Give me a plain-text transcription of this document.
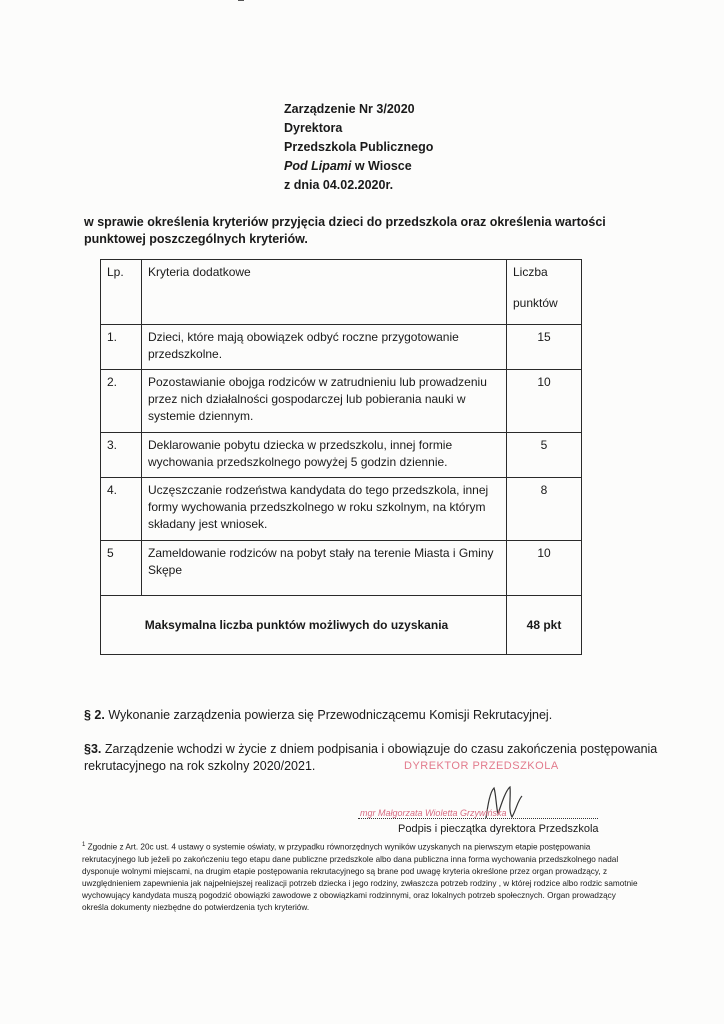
Zarządzenie Nr 3/2020
Dyrektora
Przedszkola Publicznego
Pod Lipami w Wiosce
z dnia 04.02.2020r.
w sprawie określenia kryteriów przyjęcia dzieci do przedszkola oraz określenia wartości punktowej poszczególnych kryteriów.
Lp.	Kryteria dodatkowe	Liczba
punktów

1.	Dzieci, które mają obowiązek odbyć roczne przygotowanie przedszkolne.	15
2.	Pozostawianie obojga rodziców w zatrudnieniu lub prowadzeniu przez nich działalności gospodarczej lub pobierania nauki w systemie dziennym.	10
3.	Deklarowanie pobytu dziecka w przedszkolu, innej formie wychowania przedszkolnego powyżej 5 godzin dziennie.	5
4.	Uczęszczanie rodzeństwa kandydata do tego przedszkola, innej formy wychowania przedszkolnego w roku szkolnym, na którym składany jest wniosek.	8
5	Zameldowanie rodziców na pobyt stały na terenie Miasta i Gminy Skępe	10
Maksymalna liczba punktów możliwych do uzyskania		48 pkt
§ 2. Wykonanie zarządzenia powierza się Przewodniczącemu Komisji Rekrutacyjnej.
§3. Zarządzenie wchodzi w życie z dniem podpisania i obowiązuje do czasu zakończenia postępowania rekrutacyjnego na rok szkolny 2020/2021.	DYREKTOR PRZEDSZKOLA
mgr Małgorzata Wioletta Grzywińska
Podpis i pieczątka dyrektora Przedszkola
$^1$ Zgodnie z Art. 20c ust. 4 ustawy o systemie oświaty, w przypadku równorzędnych wyników uzyskanych na pierwszym etapie postępowania rekrutacyjnego lub jeżeli po zakończeniu tego etapu dane publiczne przedszkole albo dana publiczna inna forma wychowania przedszkolnego nadal dysponuje wolnymi miejscami, na drugim etapie postępowania rekrutacyjnego są brane pod uwagę kryteria określone przez organ prowadzący, z uwzględnieniem zapewnienia jak najpełniejszej realizacji potrzeb dziecka i jego rodziny, zwłaszcza potrzeb rodziny , w której rodzice albo rodzic samotnie wychowujący kandydata muszą pogodzić obowiązki zawodowe z obowiązkami rodzinnymi, oraz lokalnych potrzeb społecznych. Organ prowadzący określa dokumenty niezbędne do potwierdzenia tych kryteriów.
